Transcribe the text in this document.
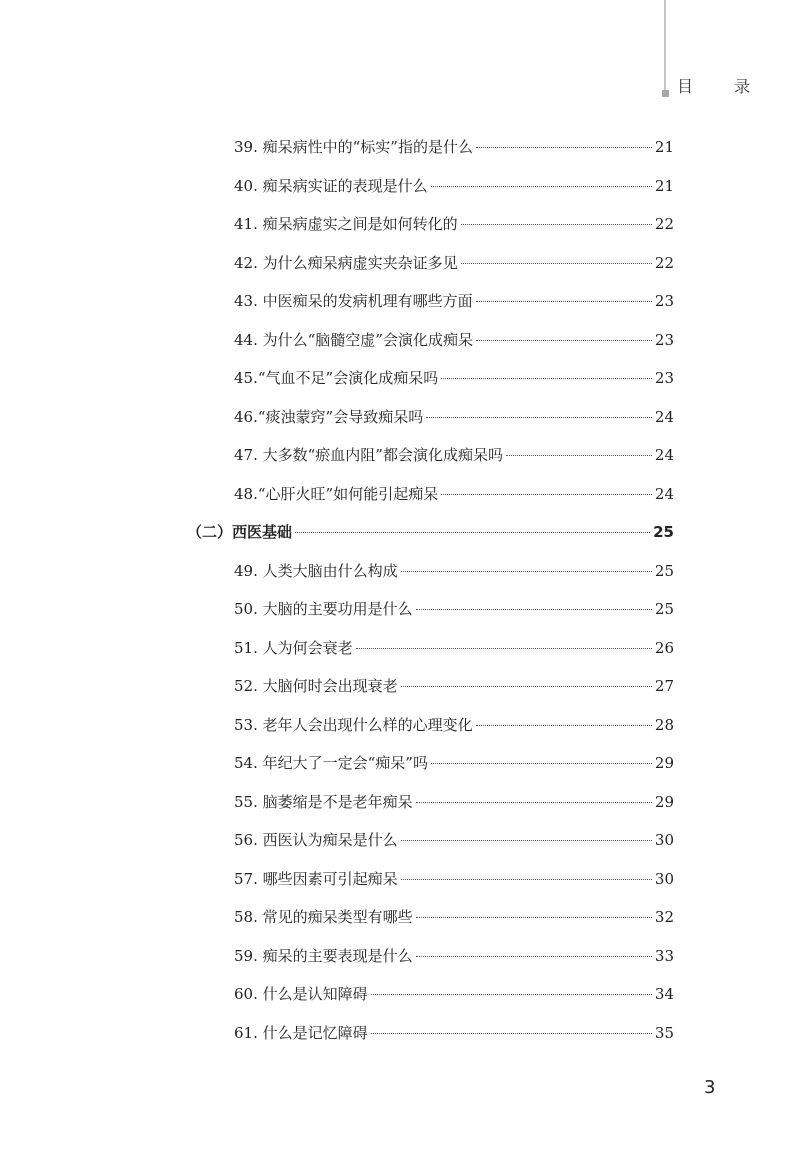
目 录
39. 痴呆病性中的“标实”指的是什么	21
40. 痴呆病实证的表现是什么	21
41. 痴呆病虚实之间是如何转化的	22
42. 为什么痴呆病虚实夹杂证多见	22
43. 中医痴呆的发病机理有哪些方面	23
44. 为什么“脑髓空虚”会演化成痴呆	23
45.“气血不足”会演化成痴呆吗	23
46.“痰浊蒙窍”会导致痴呆吗	24
47. 大多数“瘀血内阻”都会演化成痴呆吗	24
48.“心肝火旺”如何能引起痴呆	24
（二）西医基础	25
49. 人类大脑由什么构成	25
50. 大脑的主要功用是什么	25
51. 人为何会衰老	26
52. 大脑何时会出现衰老	27
53. 老年人会出现什么样的心理变化	28
54. 年纪大了一定会“痴呆”吗	29
55. 脑萎缩是不是老年痴呆	29
56. 西医认为痴呆是什么	30
57. 哪些因素可引起痴呆	30
58. 常见的痴呆类型有哪些	32
59. 痴呆的主要表现是什么	33
60. 什么是认知障碍	34
61. 什么是记忆障碍	35
3
